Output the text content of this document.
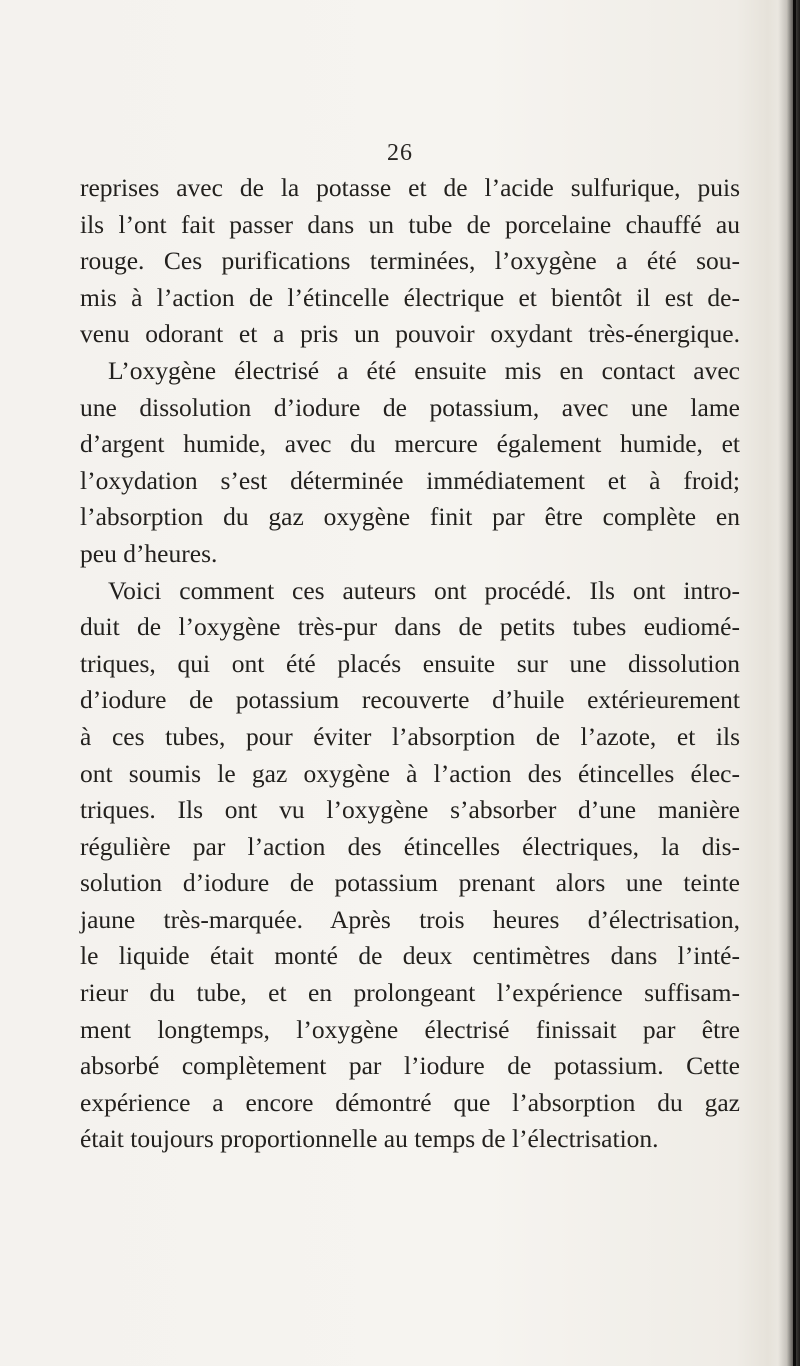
26
reprises avec de la potasse et de l’acide sulfurique, puis
ils l’ont fait passer dans un tube de porcelaine chauffé au
rouge. Ces purifications terminées, l’oxygène a été sou-
mis à l’action de l’étincelle électrique et bientôt il est de-
venu odorant et a pris un pouvoir oxydant très-énergique.
L’oxygène électrisé a été ensuite mis en contact avec
une dissolution d’iodure de potassium, avec une lame
d’argent humide, avec du mercure également humide, et
l’oxydation s’est déterminée immédiatement et à froid;
l’absorption du gaz oxygène finit par être complète en
peu d’heures.
Voici comment ces auteurs ont procédé. Ils ont intro-
duit de l’oxygène très-pur dans de petits tubes eudiomé-
triques, qui ont été placés ensuite sur une dissolution
d’iodure de potassium recouverte d’huile extérieurement
à ces tubes, pour éviter l’absorption de l’azote, et ils
ont soumis le gaz oxygène à l’action des étincelles élec-
triques. Ils ont vu l’oxygène s’absorber d’une manière
régulière par l’action des étincelles électriques, la dis-
solution d’iodure de potassium prenant alors une teinte
jaune très-marquée. Après trois heures d’électrisation,
le liquide était monté de deux centimètres dans l’inté-
rieur du tube, et en prolongeant l’expérience suffisam-
ment longtemps, l’oxygène électrisé finissait par être
absorbé complètement par l’iodure de potassium. Cette
expérience a encore démontré que l’absorption du gaz
était toujours proportionnelle au temps de l’électrisation.
